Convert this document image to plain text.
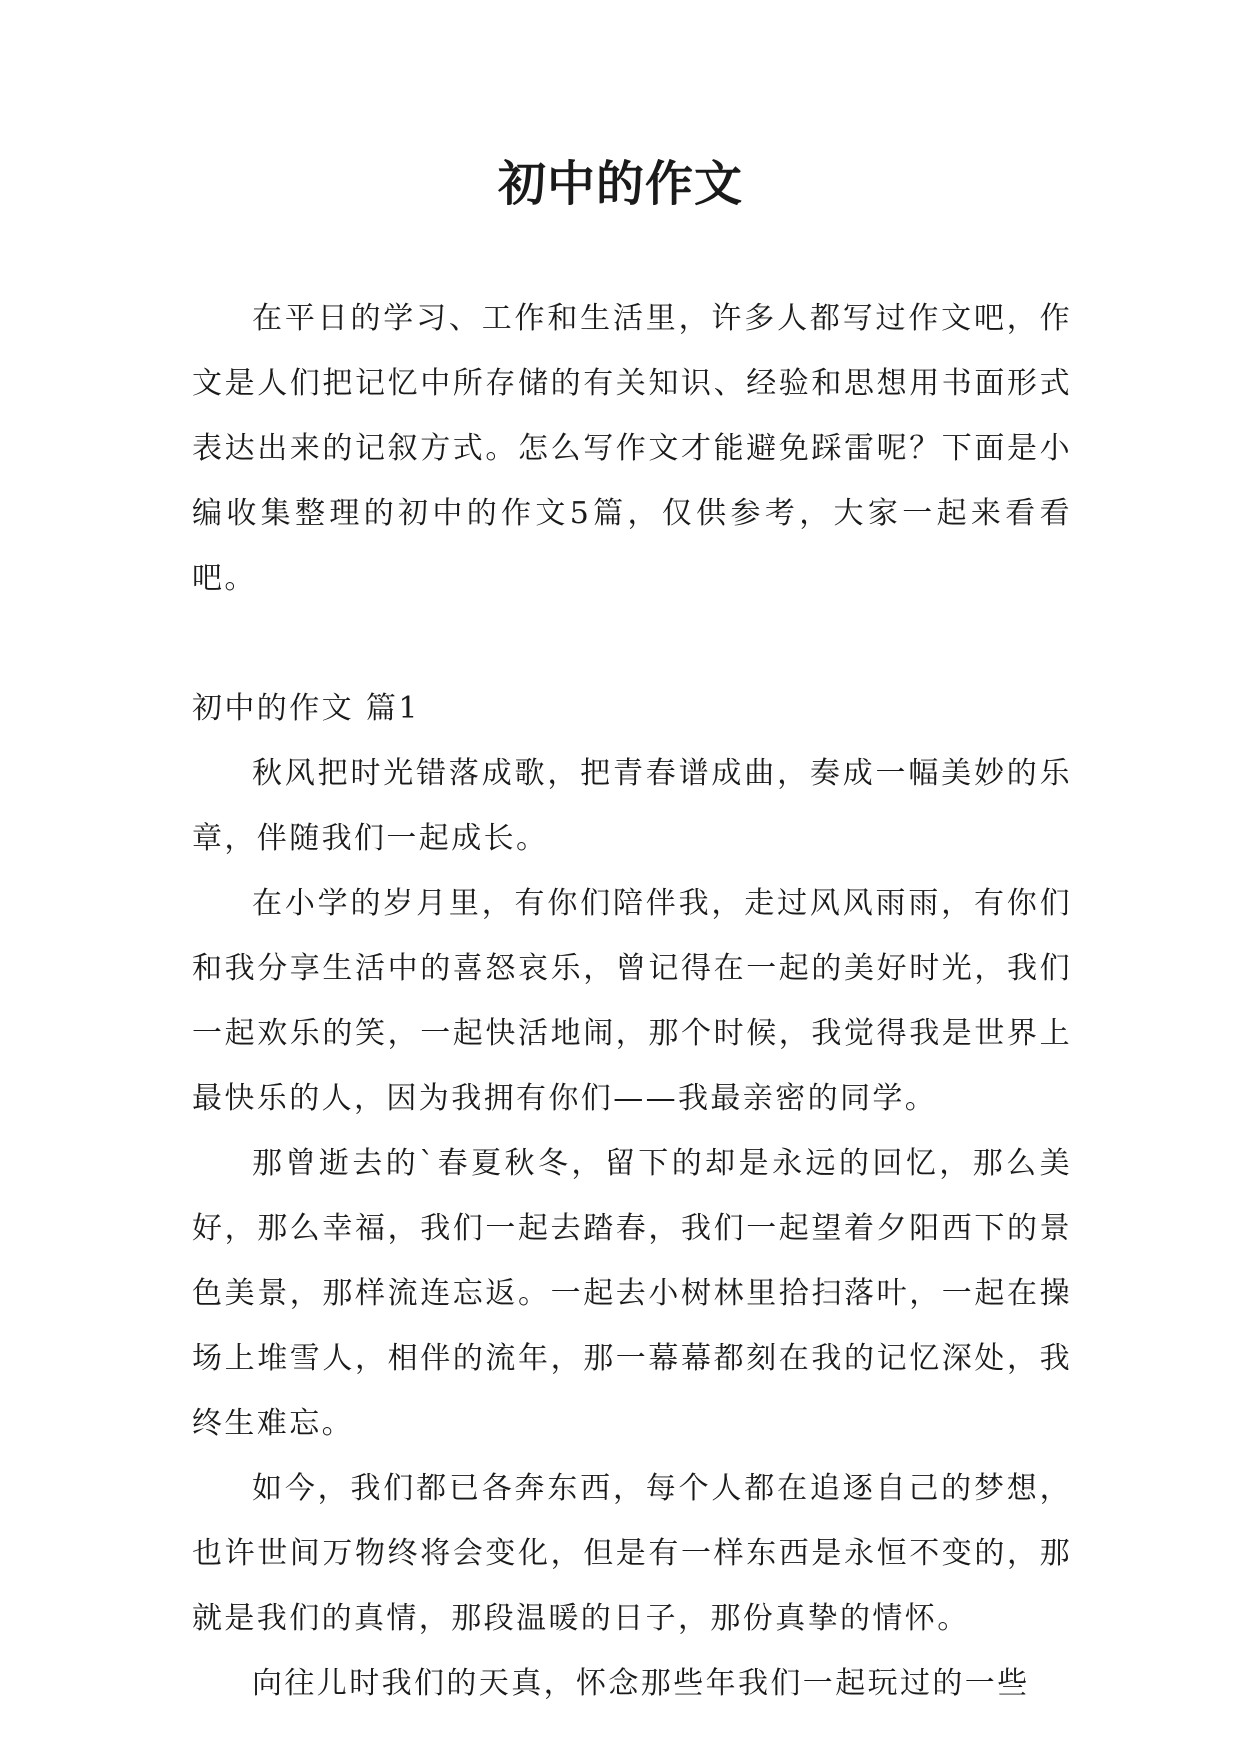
初中的作文

在平日的学习、工作和生活里，许多人都写过作文吧，作文是人们把记忆中所存储的有关知识、经验和思想用书面形式表达出来的记叙方式。怎么写作文才能避免踩雷呢？下面是小编收集整理的初中的作文5篇，仅供参考，大家一起来看看吧。

初中的作文 篇1

秋风把时光错落成歌，把青春谱成曲，奏成一幅美妙的乐章，伴随我们一起成长。

在小学的岁月里，有你们陪伴我，走过风风雨雨，有你们和我分享生活中的喜怒哀乐，曾记得在一起的美好时光，我们一起欢乐的笑，一起快活地闹，那个时候，我觉得我是世界上最快乐的人，因为我拥有你们——我最亲密的同学。

那曾逝去的`春夏秋冬，留下的却是永远的回忆，那么美好，那么幸福，我们一起去踏春，我们一起望着夕阳西下的景色美景，那样流连忘返。一起去小树林里拾扫落叶，一起在操场上堆雪人，相伴的流年，那一幕幕都刻在我的记忆深处，我终生难忘。

如今，我们都已各奔东西，每个人都在追逐自己的梦想，也许世间万物终将会变化，但是有一样东西是永恒不变的，那就是我们的真情，那段温暖的日子，那份真挚的情怀。

向往儿时我们的天真，怀念那些年我们一起玩过的一些
